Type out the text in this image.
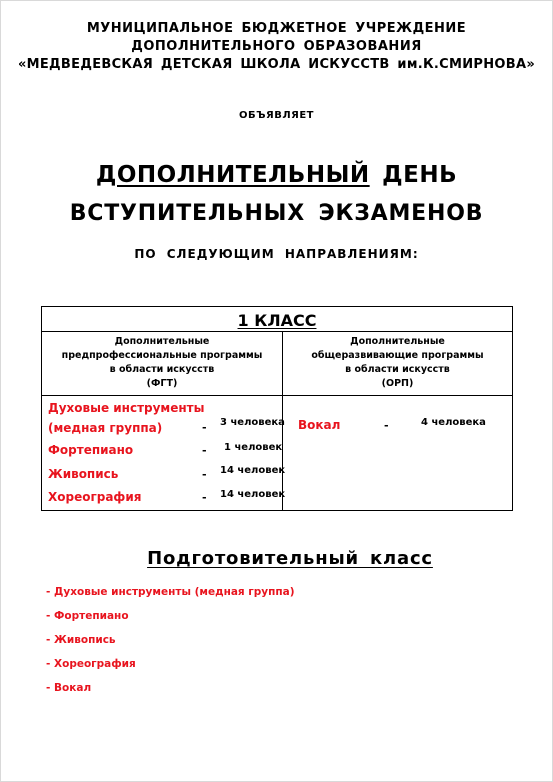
МУНИЦИПАЛЬНОЕ БЮДЖЕТНОЕ УЧРЕЖДЕНИЕ
ДОПОЛНИТЕЛЬНОГО ОБРАЗОВАНИЯ
«МЕДВЕДЕВСКАЯ ДЕТСКАЯ ШКОЛА ИСКУССТВ им.К.СМИРНОВА»
ОБЪЯВЛЯЕТ
ДОПОЛНИТЕЛЬНЫЙ ДЕНЬ
ВСТУПИТЕЛЬНЫХ ЭКЗАМЕНОВ
ПО СЛЕДУЮЩИМ НАПРАВЛЕНИЯМ:
1 КЛАСС
Дополнительные
предпрофессиональные программы
в области искусств
(ФГТ)
Дополнительные
общеразвивающие программы
в области искусств
(ОРП)
Духовые инструменты
(медная группа)	- 3 человека
Фортепиано	- 1 человек
Живопись	- 14 человек
Хореография	- 14 человек
Вокал	-	4 человека
Подготовительный класс
- Духовые инструменты (медная группа)
- Фортепиано
- Живопись
- Хореография
- Вокал
